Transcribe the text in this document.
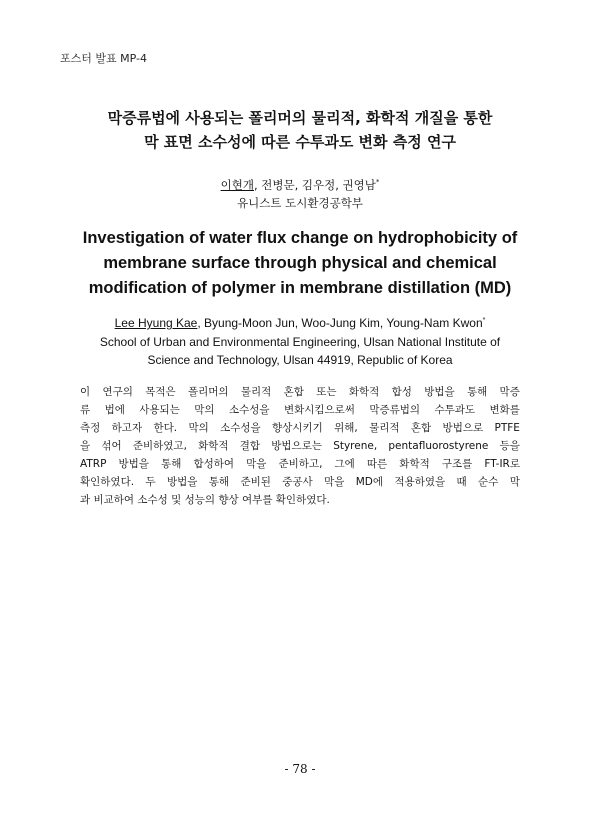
포스터 발표 MP-4
막증류법에 사용되는 폴리머의 물리적, 화학적 개질을 통한
막 표면 소수성에 따른 수투과도 변화 측정 연구
이현개, 전병문, 김우정, 권영남*
유니스트 도시환경공학부
Investigation of water flux change on hydrophobicity of
membrane surface through physical and chemical
modification of polymer in membrane distillation (MD)
Lee Hyung Kae, Byung-Moon Jun, Woo-Jung Kim, Young-Nam Kwon*
School of Urban and Environmental Engineering, Ulsan National Institute of
Science and Technology, Ulsan 44919, Republic of Korea
이 연구의 목적은 폴리머의 물리적 혼합 또는 화학적 합성 방법을 통해 막증
류 법에 사용되는 막의 소수성을 변화시킴으로써 막증류법의 수투과도 변화를
측정 하고자 한다. 막의 소수성을 향상시키기 위해, 물리적 혼합 방법으로 PTFE
을 섞어 준비하였고, 화학적 결합 방법으로는 Styrene, pentafluorostyrene 등을
ATRP 방법을 통해 합성하여 막을 준비하고, 그에 따른 화학적 구조를 FT-IR로
확인하였다. 두 방법을 통해 준비된 중공사 막을 MD에 적용하였을 때 순수 막
과 비교하여 소수성 및 성능의 향상 여부를 확인하였다.
- 78 -
